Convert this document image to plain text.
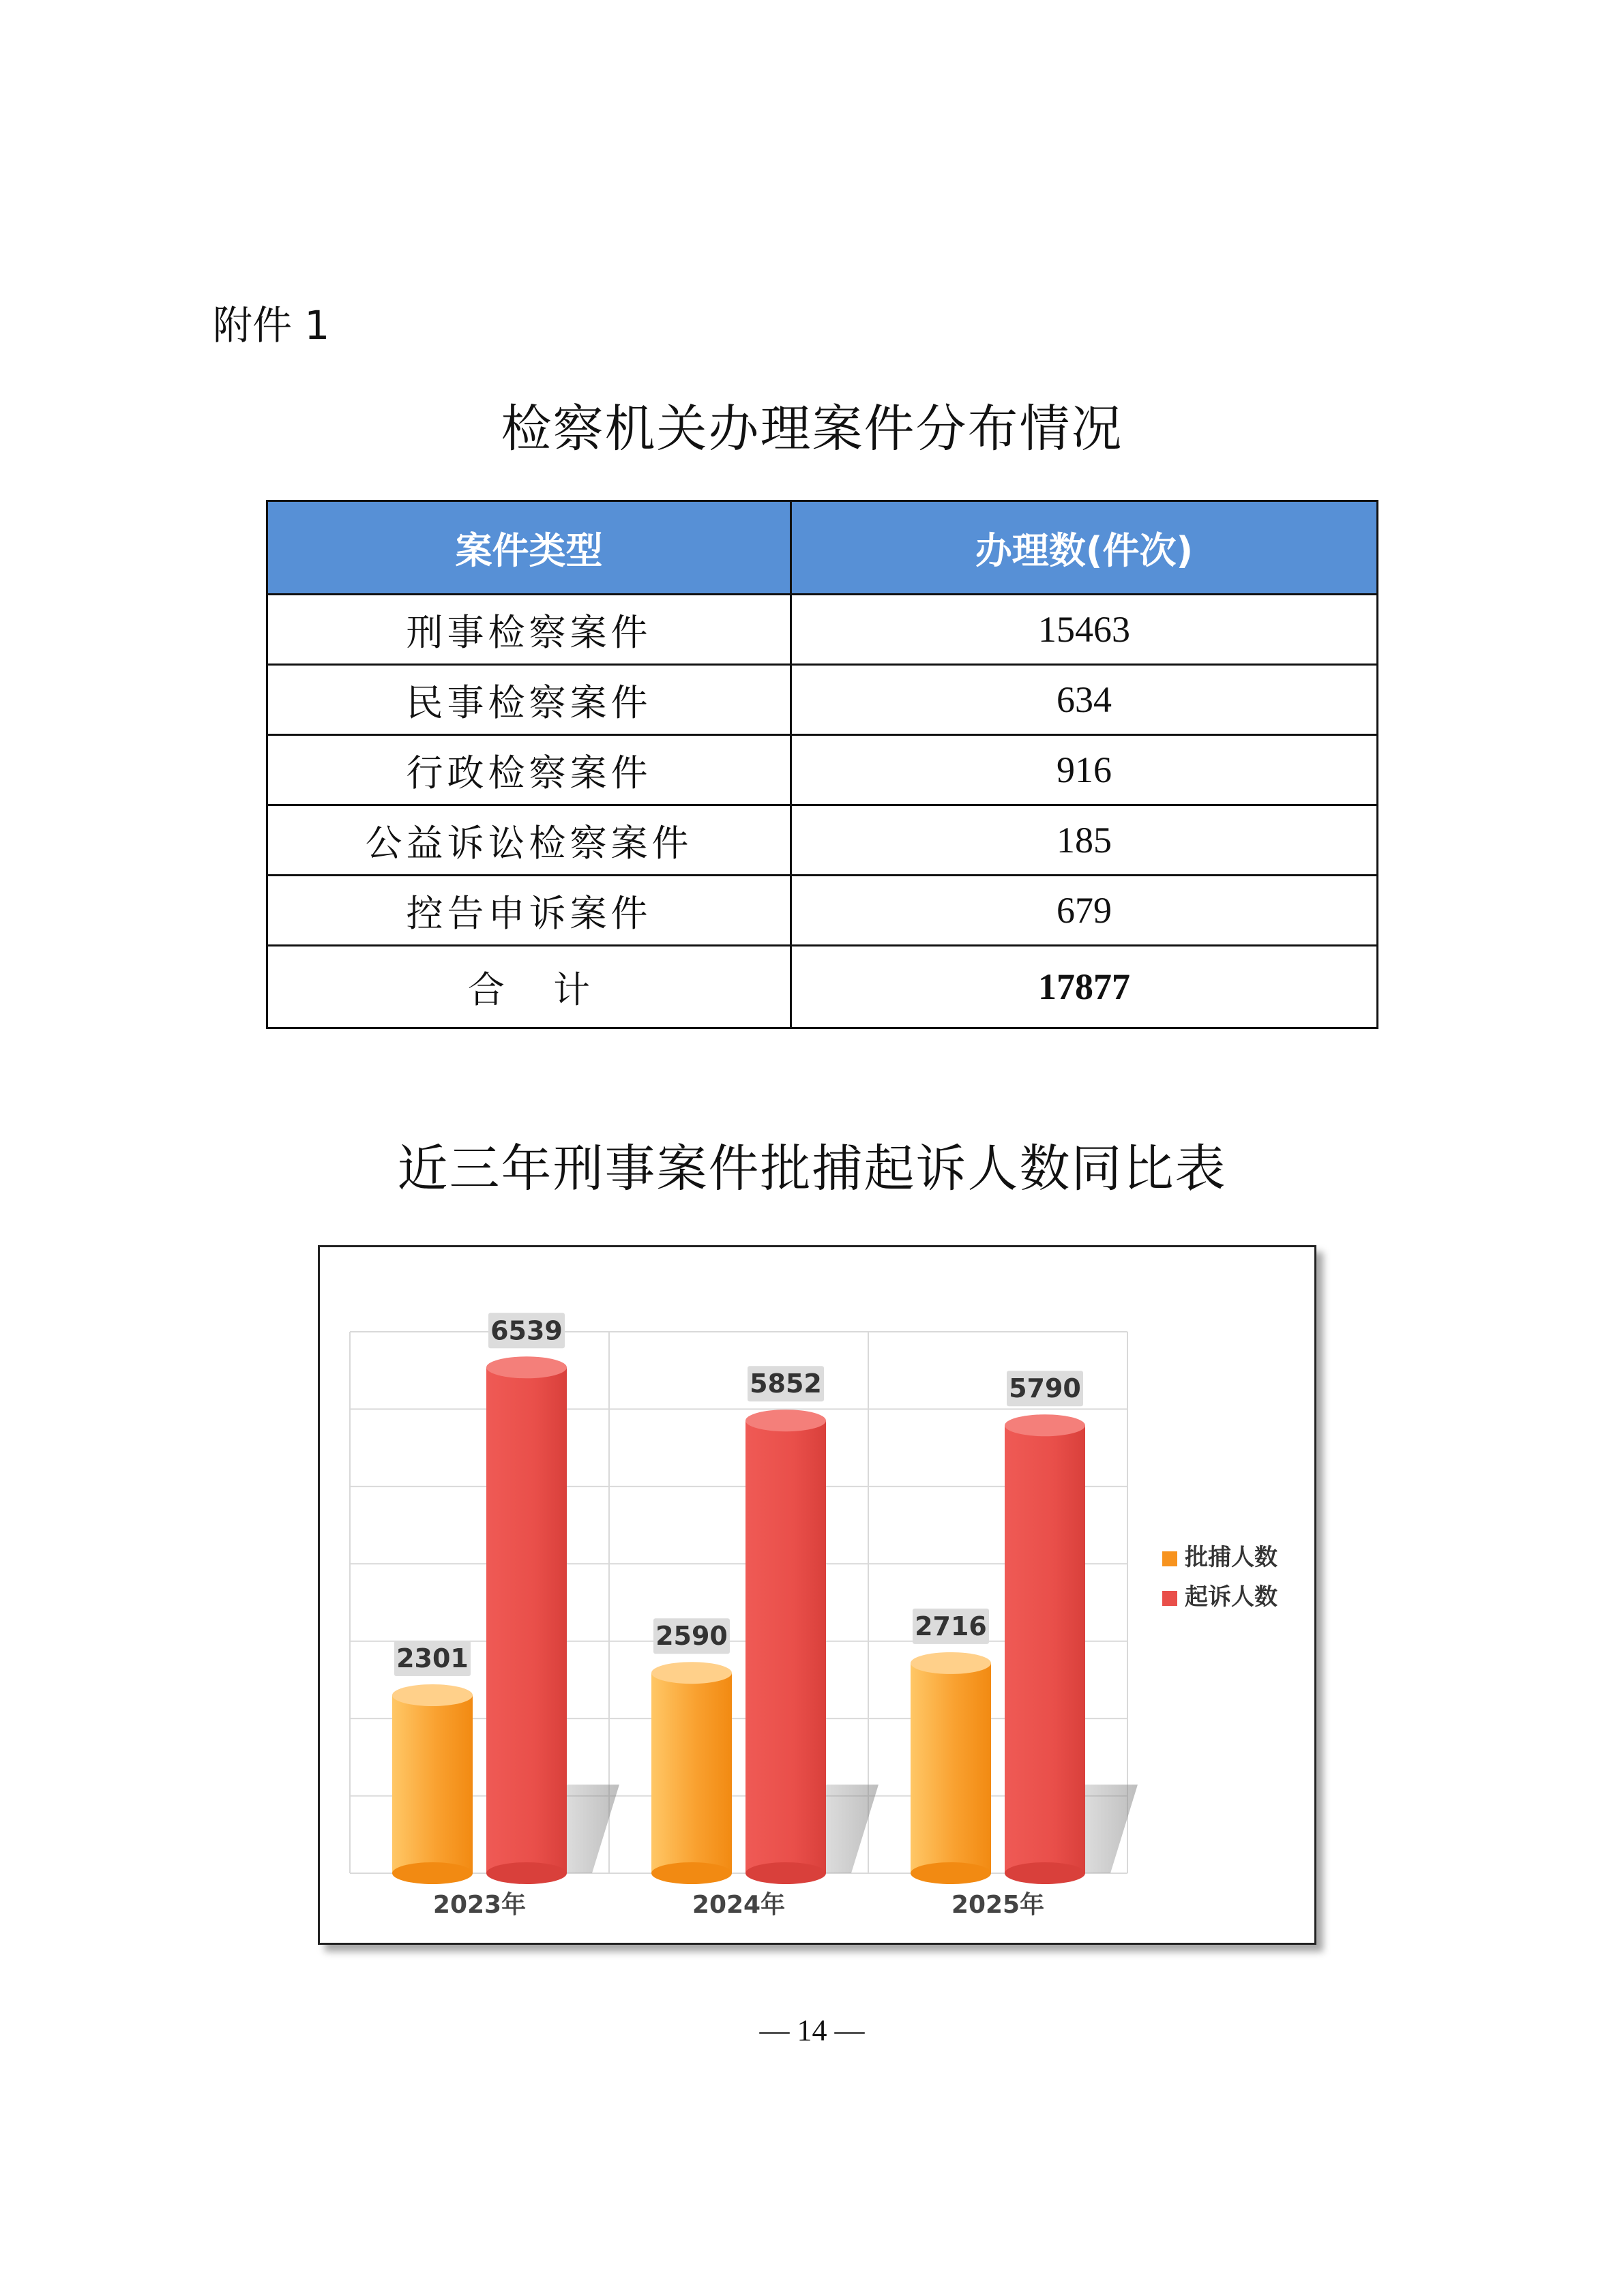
附件 1
检察机关办理案件分布情况
案件类型	办理数(件次)
刑事检察案件	15463
民事检察案件	634
行政检察案件	916
公益诉讼检察案件	185
控告申诉案件	679
合　 计	17877
近三年刑事案件批捕起诉人数同比表
2301
6539
2023年
2590
5852
2024年
2716
5790
2025年
批捕人数
起诉人数
— 14 —
